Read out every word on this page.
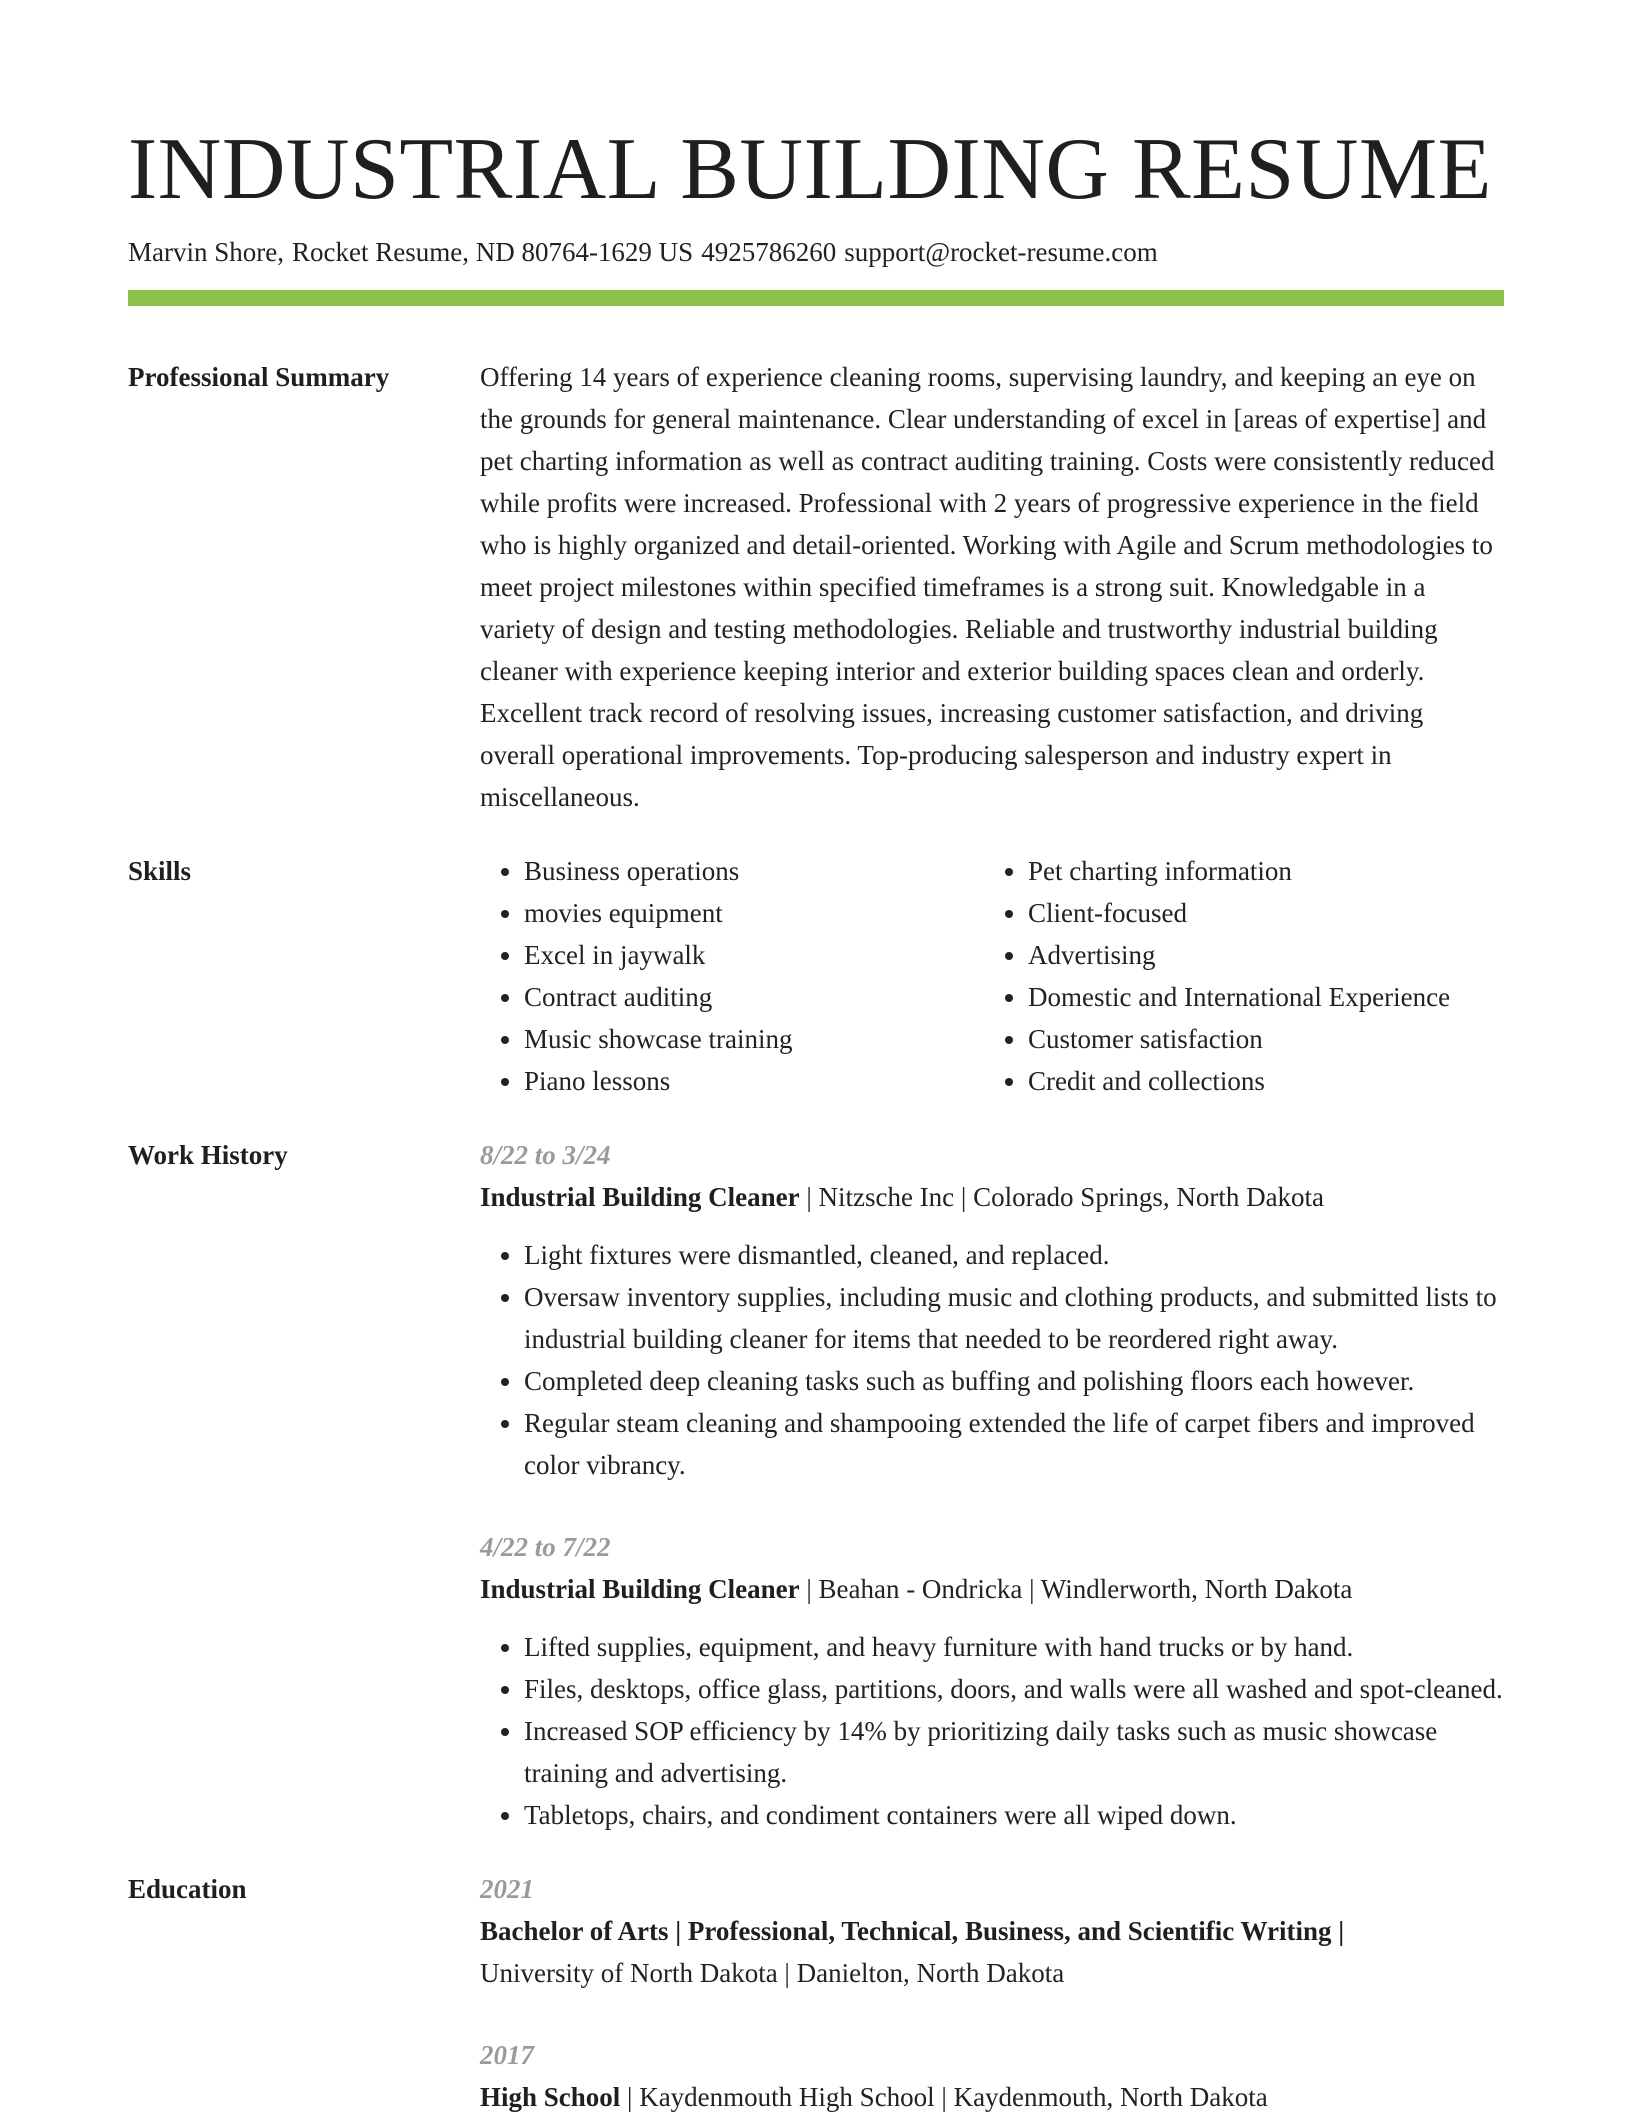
INDUSTRIAL BUILDING RESUME
Marvin Shore, Rocket Resume, ND 80764-1629 US 4925786260 support@rocket-resume.com
Professional Summary	Offering 14 years of experience cleaning rooms, supervising laundry, and keeping an eye on the grounds for general maintenance. Clear understanding of excel in [areas of expertise] and pet charting information as well as contract auditing training. Costs were consistently reduced while profits were increased. Professional with 2 years of progressive experience in the field who is highly organized and detail-oriented. Working with Agile and Scrum methodologies to meet project milestones within specified timeframes is a strong suit. Knowledgable in a variety of design and testing methodologies. Reliable and trustworthy industrial building cleaner with experience keeping interior and exterior building spaces clean and orderly. Excellent track record of resolving issues, increasing customer satisfaction, and driving overall operational improvements. Top-producing salesperson and industry expert in miscellaneous.
Skills
•	Business operations
• movies equipment
• Excel in jaywalk
• Contract auditing
• Music showcase training
• Piano lessons
• Pet charting information
• Client-focused
• Advertising
• Domestic and International Experience
• Customer satisfaction
• Credit and collections
Work History	8/22 to 3/24
Industrial Building Cleaner | Nitzsche Inc | Colorado Springs, North Dakota
• Light fixtures were dismantled, cleaned, and replaced.
• Oversaw inventory supplies, including music and clothing products, and submitted lists to industrial building cleaner for items that needed to be reordered right away.
• Completed deep cleaning tasks such as buffing and polishing floors each however.
• Regular steam cleaning and shampooing extended the life of carpet fibers and improved color vibrancy.
4/22 to 7/22
Industrial Building Cleaner | Beahan - Ondricka | Windlerworth, North Dakota
• Lifted supplies, equipment, and heavy furniture with hand trucks or by hand.
• Files, desktops, office glass, partitions, doors, and walls were all washed and spot-cleaned.
• Increased SOP efficiency by 14% by prioritizing daily tasks such as music showcase training and advertising.
• Tabletops, chairs, and condiment containers were all wiped down.
Education	2021
Bachelor of Arts | Professional, Technical, Business, and Scientific Writing |
University of North Dakota | Danielton, North Dakota
2017
High School | Kaydenmouth High School | Kaydenmouth, North Dakota
